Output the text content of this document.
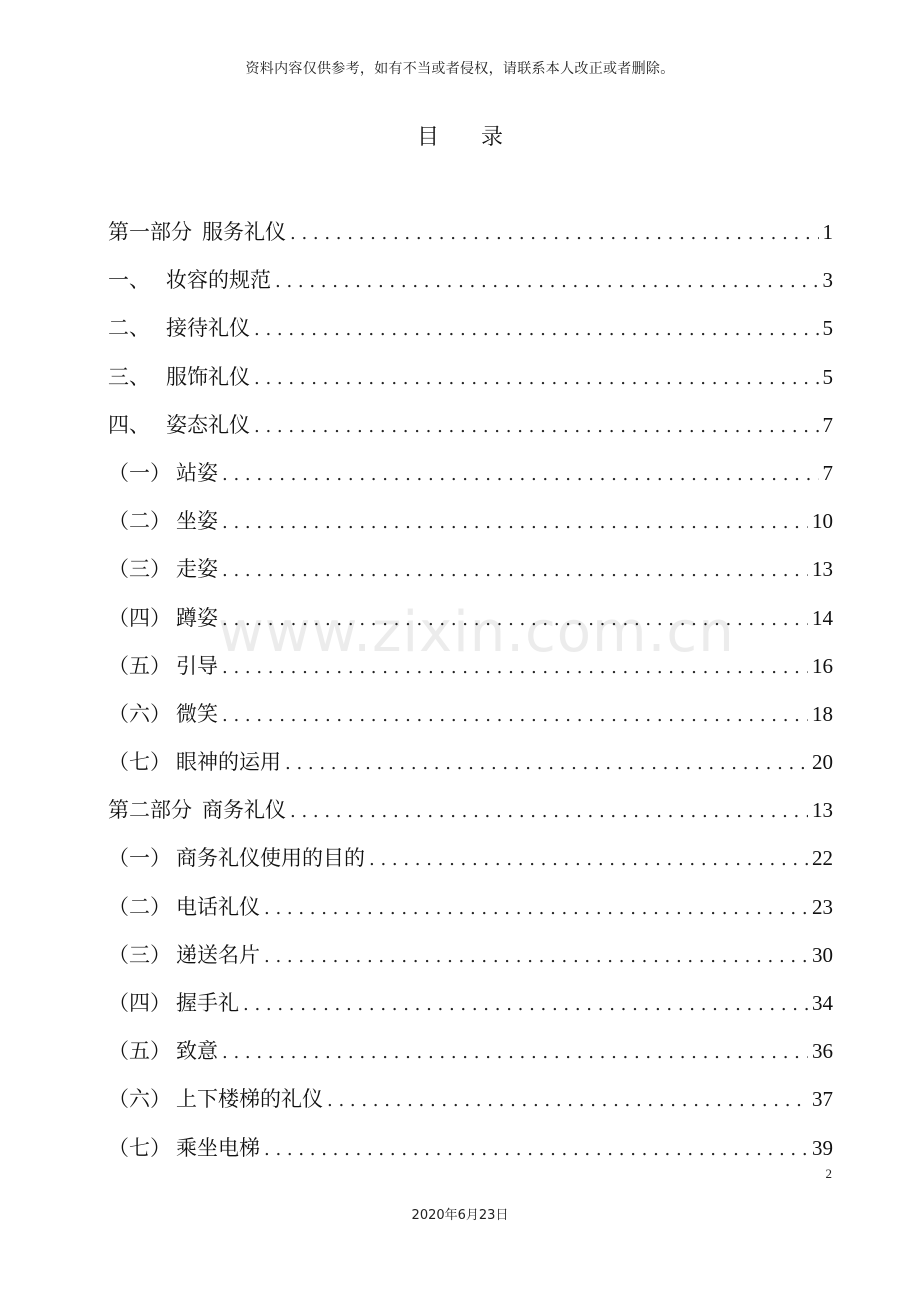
资料内容仅供参考，如有不当或者侵权，请联系本人改正或者删除。
目 录
www.zixin.com.cn
第一部分 服务礼仪 . . .	1
一、 妆容的规范 . . .	3
二、 接待礼仪 . . .	5
三、 服饰礼仪 . . .	5
四、 姿态礼仪 . . .	7
（一） 站姿 . . .	7
（二） 坐姿 . . .	10
（三） 走姿 . . .	13
（四） 蹲姿 . . .	14
（五） 引导 . . .	16
（六） 微笑 . . .	18
（七） 眼神的运用 . . .	20
第二部分 商务礼仪 . . .	13
（一） 商务礼仪使用的目的 . . .	22
（二） 电话礼仪 . . .	23
（三） 递送名片 . . .	30
（四） 握手礼 . . .	34
（五） 致意 . . .	36
（六） 上下楼梯的礼仪 . . .	37
（七） 乘坐电梯 . . .	39
2
2020年6月23日
